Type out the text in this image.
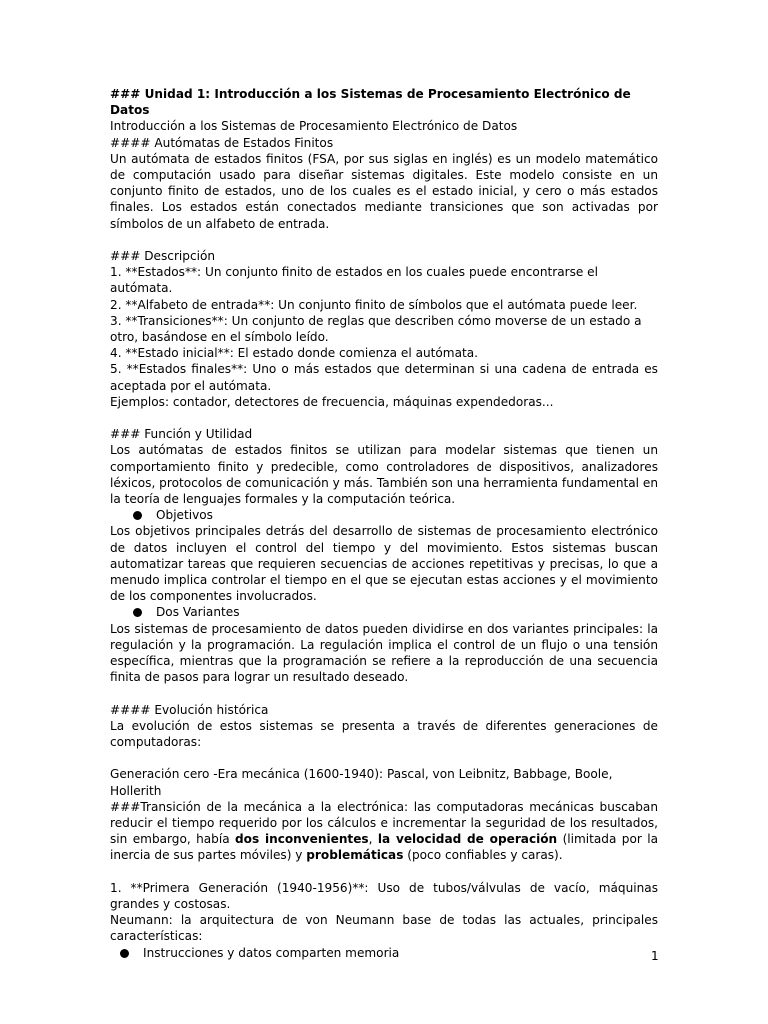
### Unidad 1: Introducción a los Sistemas de Procesamiento Electrónico de Datos

Introducción a los Sistemas de Procesamiento Electrónico de Datos

#### Autómatas de Estados Finitos

Un autómata de estados finitos (FSA, por sus siglas en inglés) es un modelo matemático de computación usado para diseñar sistemas digitales. Este modelo consiste en un conjunto finito de estados, uno de los cuales es el estado inicial, y cero o más estados finales. Los estados están conectados mediante transiciones que son activadas por símbolos de un alfabeto de entrada.

### Descripción

1. **Estados**: Un conjunto finito de estados en los cuales puede encontrarse el autómata.

2. **Alfabeto de entrada**: Un conjunto finito de símbolos que el autómata puede leer.

3. **Transiciones**: Un conjunto de reglas que describen cómo moverse de un estado a otro, basándose en el símbolo leído.

4. **Estado inicial**: El estado donde comienza el autómata.

5. **Estados finales**: Uno o más estados que determinan si una cadena de entrada es aceptada por el autómata.

Ejemplos: contador, detectores de frecuencia, máquinas expendedoras...

### Función y Utilidad

Los autómatas de estados finitos se utilizan para modelar sistemas que tienen un comportamiento finito y predecible, como controladores de dispositivos, analizadores léxicos, protocolos de comunicación y más. También son una herramienta fundamental en la teoría de lenguajes formales y la computación teórica.

Objetivos

Los objetivos principales detrás del desarrollo de sistemas de procesamiento electrónico de datos incluyen el control del tiempo y del movimiento. Estos sistemas buscan automatizar tareas que requieren secuencias de acciones repetitivas y precisas, lo que a menudo implica controlar el tiempo en el que se ejecutan estas acciones y el movimiento de los componentes involucrados.

Dos Variantes

Los sistemas de procesamiento de datos pueden dividirse en dos variantes principales: la regulación y la programación. La regulación implica el control de un flujo o una tensión específica, mientras que la programación se refiere a la reproducción de una secuencia finita de pasos para lograr un resultado deseado.

#### Evolución histórica

La evolución de estos sistemas se presenta a través de diferentes generaciones de computadoras:

Generación cero -Era mecánica (1600-1940): Pascal, von Leibnitz, Babbage, Boole, Hollerith

###Transición de la mecánica a la electrónica: las computadoras mecánicas buscaban reducir el tiempo requerido por los cálculos e incrementar la seguridad de los resultados, sin embargo, había dos inconvenientes, la velocidad de operación (limitada por la inercia de sus partes móviles) y problemáticas (poco confiables y caras).

1. **Primera Generación (1940-1956)**: Uso de tubos/válvulas de vacío, máquinas grandes y costosas.

Neumann: la arquitectura de von Neumann base de todas las actuales, principales características:

Instrucciones y datos comparten memoria	1
